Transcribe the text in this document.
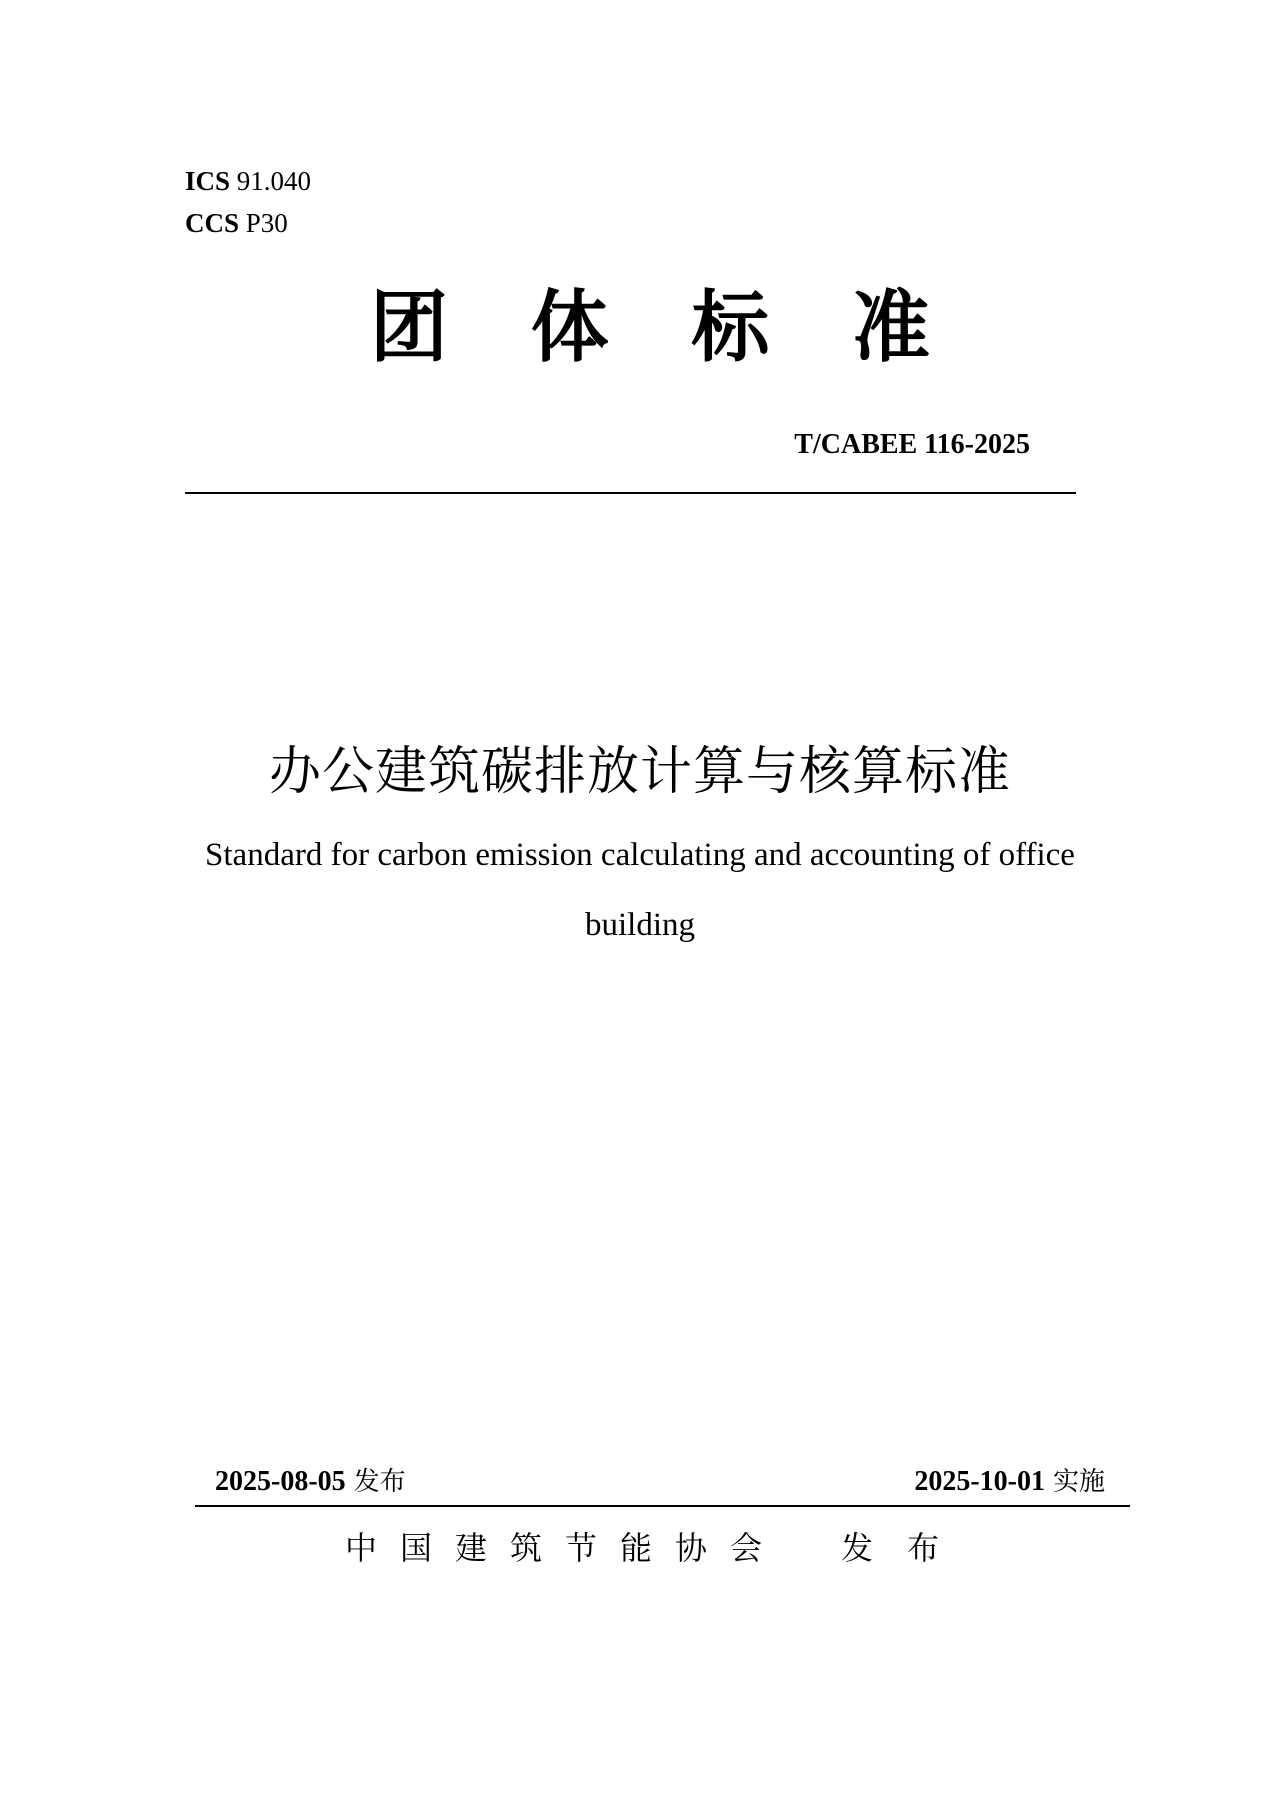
ICS 91.040
CCS P30
团 体 标 准
T/CABEE 116-2025
办公建筑碳排放计算与核算标准
Standard for carbon emission calculating and accounting of office
building
2025-08-05 发布	2025-10-01 实施
中国建筑节能协会 发布
